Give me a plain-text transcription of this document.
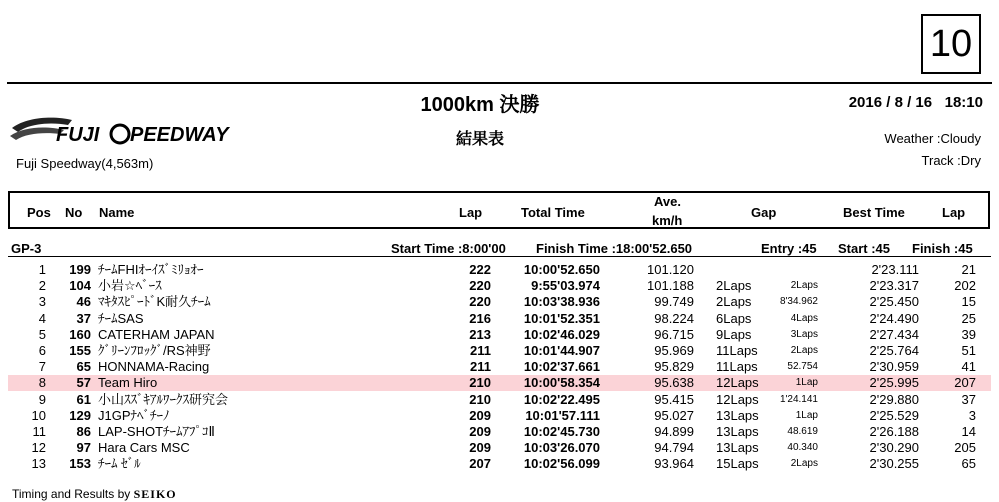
10
FUJI PEEDWAY
1000km 決勝
結果表
2016 / 8 / 16   18:10
Weather :Cloudy
Track :Dry
Fuji Speedway(4,563m)
Pos No Name	Lap	Total Time
Ave.
km/h
Gap	Best Time	Lap
GP-3	Start Time :8:00'00 Finish Time :18:00'52.650	Entry :45 Start :45 Finish :45
1	199 ﾁｰﾑFHIｵｰｲｽﾞﾐﾘｮｵｰ	222	10:00'52.650	101.120	2'23.111	21
2	104 小岩☆ﾍﾞｰｽ	220	9:55'03.974	101.188 2Laps	2Laps	2'23.317	202
3	46 ﾏｷﾀｽﾋﾟｰﾄﾞK耐久ﾁｰﾑ	220	10:03'38.936	99.749 2Laps	8'34.962	2'25.450	15
4	37 ﾁｰﾑSAS	216	10:01'52.351	98.224 6Laps	4Laps	2'24.490	25
5	160 CATERHAM JAPAN	213	10:02'46.029	96.715 9Laps	3Laps	2'27.434	39
6	155 ｸﾞﾘｰﾝﾌﾛｯｸﾞ/RS神野	211	10:01'44.907	95.969 11Laps	2Laps	2'25.764	51
7	65 HONNAMA-Racing	211	10:02'37.661	95.829 11Laps	52.754	2'30.959	41
8	57 Team Hiro	210	10:00'58.354	95.638 12Laps	1Lap	2'25.995	207
9	61 小山ｽｽﾞｷｱﾙﾜｰｸｽ研究会	210	10:02'22.495	95.415 12Laps	1'24.141	2'29.880	37
10	129 J1GPﾅﾍﾞﾁｰﾉ	209	10:01'57.111	95.027 13Laps	1Lap	2'25.529	3
11	86 LAP-SHOTﾁｰﾑｱﾌﾟｺⅡ	209	10:02'45.730	94.899 13Laps	48.619	2'26.188	14
12	97 Hara Cars MSC	209	10:03'26.070	94.794 13Laps	40.340	2'30.290	205
13	153 ﾁｰﾑ ｾﾞﾙ	207	10:02'56.099	93.964 15Laps	2Laps	2'30.255	65
Timing and Results by SEIKO
